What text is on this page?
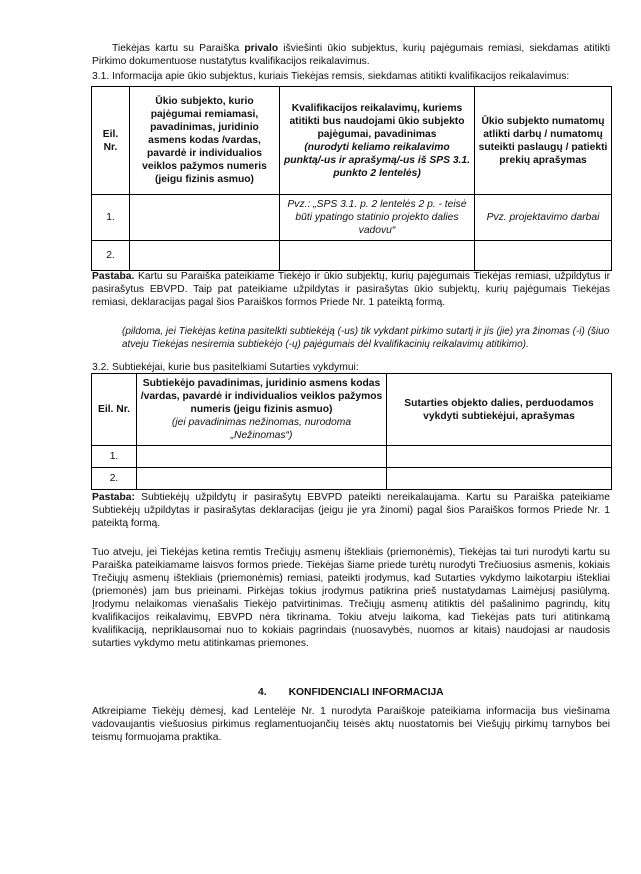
Tiekėjas kartu su Paraiška privalo išviešinti ūkio subjektus, kurių pajėgumais remiasi, siekdamas atitikti Pirkimo dokumentuose nustatytus kvalifikacijos reikalavimus.

3.1. Informacija apie ūkio subjektus, kuriais Tiekėjas remsis, siekdamas atitikti kvalifikacijos reikalavimus:

Eil. Nr.	Ūkio subjekto, kurio pajėgumai remiamasi, pavadinimas, juridinio asmens kodas /vardas, pavardė ir individualios veiklos pažymos numeris (jeigu fizinis asmuo)	Kvalifikacijos reikalavimų, kuriems atitikti bus naudojami ūkio subjekto pajėgumai, pavadinimas
(nurodyti keliamo reikalavimo punktą/-us ir aprašymą/-us iš SPS 3.1. punkto 2 lentelės)	Ūkio subjekto numatomų atlikti darbų / numatomų suteikti paslaugų / patiekti prekių aprašymas
1.		Pvz.: „SPS 3.1. p. 2 lentelės 2 p. - teisė būti ypatingo statinio projekto dalies vadovu“	Pvz. projektavimo darbai
2.			

Pastaba. Kartu su Paraiška pateikiame Tiekėjo ir ūkio subjektų, kurių pajėgumais Tiekėjas remiasi, užpildytus ir pasirašytus EBVPD. Taip pat pateikiame užpildytas ir pasirašytas ūkio subjektų, kurių pajėgumais Tiekėjas remiasi, deklaracijas pagal šios Paraiškos formos Priede Nr. 1 pateiktą formą.

(pildoma, jei Tiekėjas ketina pasitelkti subtiekėją (-us) tik vykdant pirkimo sutartį ir jis (jie) yra žinomas (-i) (šiuo atveju Tiekėjas nesiremia subtiekėjo (-ų) pajėgumais dėl kvalifikacinių reikalavimų atitikimo).

3.2. Subtiekėjai, kurie bus pasitelkiami Sutarties vykdymui:

Eil. Nr.	Subtiekėjo pavadinimas, juridinio asmens kodas /vardas, pavardė ir individualios veiklos pažymos numeris (jeigu fizinis asmuo)
(jei pavadinimas nežinomas, nurodoma „Nežinomas“)	Sutarties objekto dalies, perduodamos vykdyti subtiekėjui, aprašymas
1.		
2.		

Pastaba: Subtiekėjų užpildytų ir pasirašytų EBVPD pateikti nereikalaujama. Kartu su Paraiška pateikiame Subtiekėjų užpildytas ir pasirašytas deklaracijas (jeigu jie yra žinomi) pagal šios Paraiškos formos Priede Nr. 1 pateiktą formą.

Tuo atveju, jei Tiekėjas ketina remtis Trečiųjų asmenų ištekliais (priemonėmis), Tiekėjas tai turi nurodyti kartu su Paraiška pateikiamame laisvos formos priede. Tiekėjas šiame priede turėtų nurodyti Trečiuosius asmenis, kokiais Trečiųjų asmenų ištekliais (priemonėmis) remiasi, pateikti įrodymus, kad Sutarties vykdymo laikotarpiu ištekliai (priemonės) jam bus prieinami. Pirkėjas tokius įrodymus patikrina prieš nustatydamas Laimėjusį pasiūlymą. Įrodymu nelaikomas vienašalis Tiekėjo patvirtinimas. Trečiųjų asmenų atitiktis dėl pašalinimo pagrindų, kitų kvalifikacijos reikalavimų, EBVPD nėra tikrinama. Tokiu atveju laikoma, kad Tiekėjas pats turi atitinkamą kvalifikaciją, nepriklausomai nuo to kokiais pagrindais (nuosavybės, nuomos ar kitais) naudojasi ar naudosis sutarties vykdymo metu atitinkamas priemones.

4. KONFIDENCIALI INFORMACIJA

Atkreipiame Tiekėjų dėmesį, kad Lentelėje Nr. 1 nurodyta Paraiškoje pateikiama informacija bus viešinama vadovaujantis viešuosius pirkimus reglamentuojančių teisės aktų nuostatomis bei Viešųjų pirkimų tarnybos bei teismų formuojama praktika.
